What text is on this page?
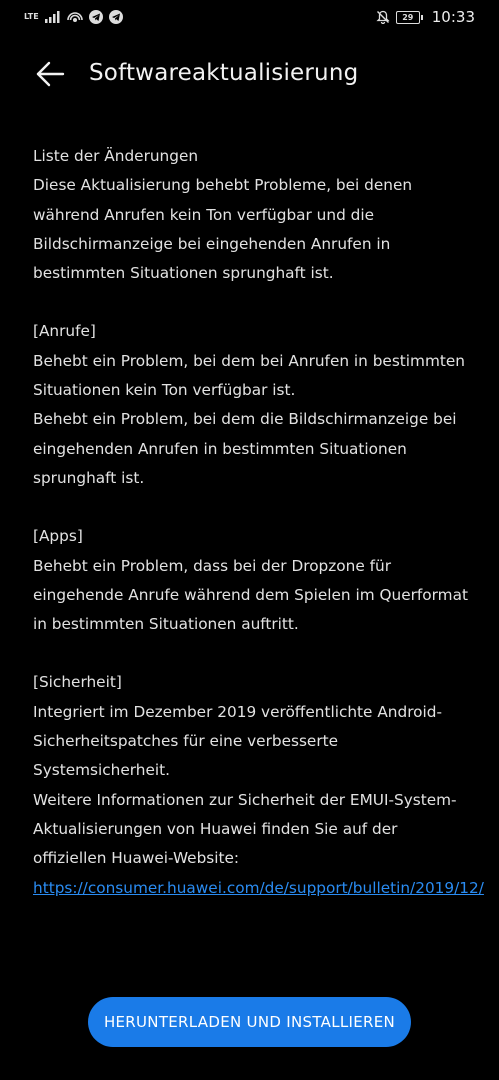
LTE	29	10:33
Softwareaktualisierung

Liste der Änderungen

Diese Aktualisierung behebt Probleme, bei denen während Anrufen kein Ton verfügbar und die Bildschirmanzeige bei eingehenden Anrufen in bestimmten Situationen sprunghaft ist.

[Anrufe]

Behebt ein Problem, bei dem bei Anrufen in bestimmten Situationen kein Ton verfügbar ist.

Behebt ein Problem, bei dem die Bildschirmanzeige bei eingehenden Anrufen in bestimmten Situationen sprunghaft ist.

[Apps]

Behebt ein Problem, dass bei der Dropzone für eingehende Anrufe während dem Spielen im Querformat in bestimmten Situationen auftritt.

[Sicherheit]

Integriert im Dezember 2019 veröffentlichte Android-Sicherheitspatches für eine verbesserte Systemsicherheit.

Weitere Informationen zur Sicherheit der EMUI-System-Aktualisierungen von Huawei finden Sie auf der offiziellen Huawei-Website: https://consumer.huawei.com/de/support/bulletin/2019/12/

HERUNTERLADEN UND INSTALLIEREN
